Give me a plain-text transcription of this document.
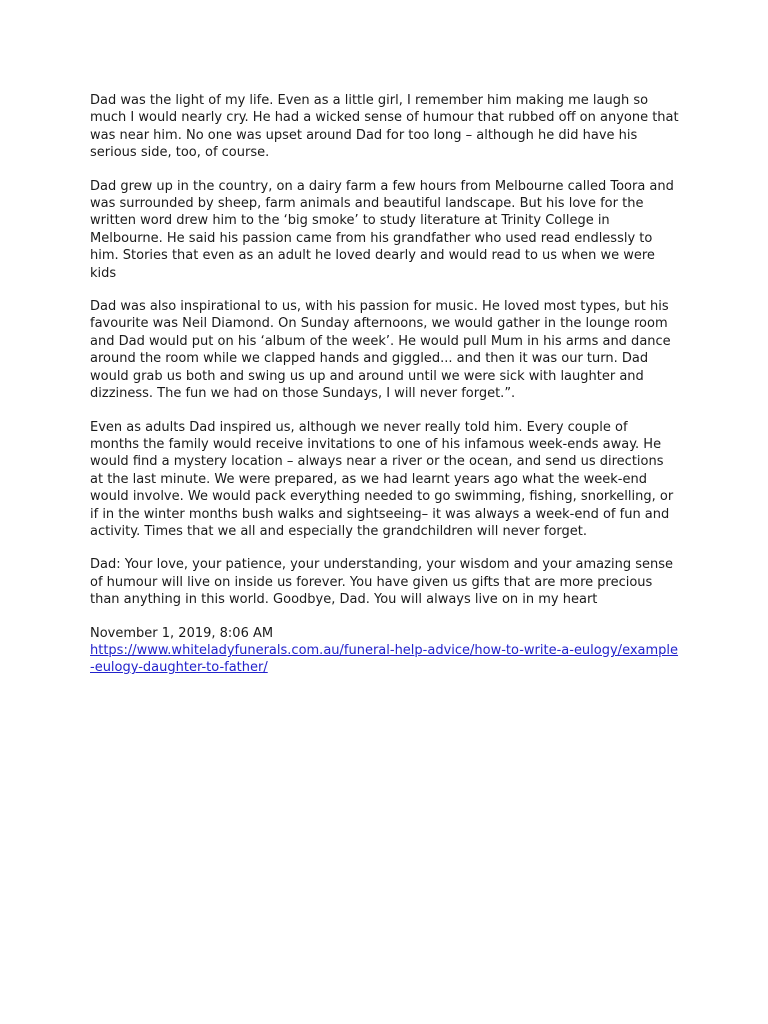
Dad was the light of my life. Even as a little girl, I remember him making me laugh so much I would nearly cry. He had a wicked sense of humour that rubbed off on anyone that was near him. No one was upset around Dad for too long – although he did have his serious side, too, of course.

Dad grew up in the country, on a dairy farm a few hours from Melbourne called Toora and was surrounded by sheep, farm animals and beautiful landscape. But his love for the written word drew him to the ‘big smoke’ to study literature at Trinity College in Melbourne. He said his passion came from his grandfather who used read endlessly to him. Stories that even as an adult he loved dearly and would read to us when we were kids

Dad was also inspirational to us, with his passion for music. He loved most types, but his favourite was Neil Diamond. On Sunday afternoons, we would gather in the lounge room and Dad would put on his ‘album of the week’. He would pull Mum in his arms and dance around the room while we clapped hands and giggled... and then it was our turn. Dad would grab us both and swing us up and around until we were sick with laughter and dizziness. The fun we had on those Sundays, I will never forget.”.

Even as adults Dad inspired us, although we never really told him. Every couple of months the family would receive invitations to one of his infamous week-ends away. He would find a mystery location – always near a river or the ocean, and send us directions at the last minute. We were prepared, as we had learnt years ago what the week-end would involve. We would pack everything needed to go swimming, fishing, snorkelling, or if in the winter months bush walks and sightseeing– it was always a week-end of fun and activity. Times that we all and especially the grandchildren will never forget.

Dad: Your love, your patience, your understanding, your wisdom and your amazing sense of humour will live on inside us forever. You have given us gifts that are more precious than anything in this world. Goodbye, Dad. You will always live on in my heart

November 1, 2019, 8:06 AM
https://www.whiteladyfunerals.com.au/funeral-help-advice/how-to-write-a-eulogy/example-eulogy-daughter-to-father/
